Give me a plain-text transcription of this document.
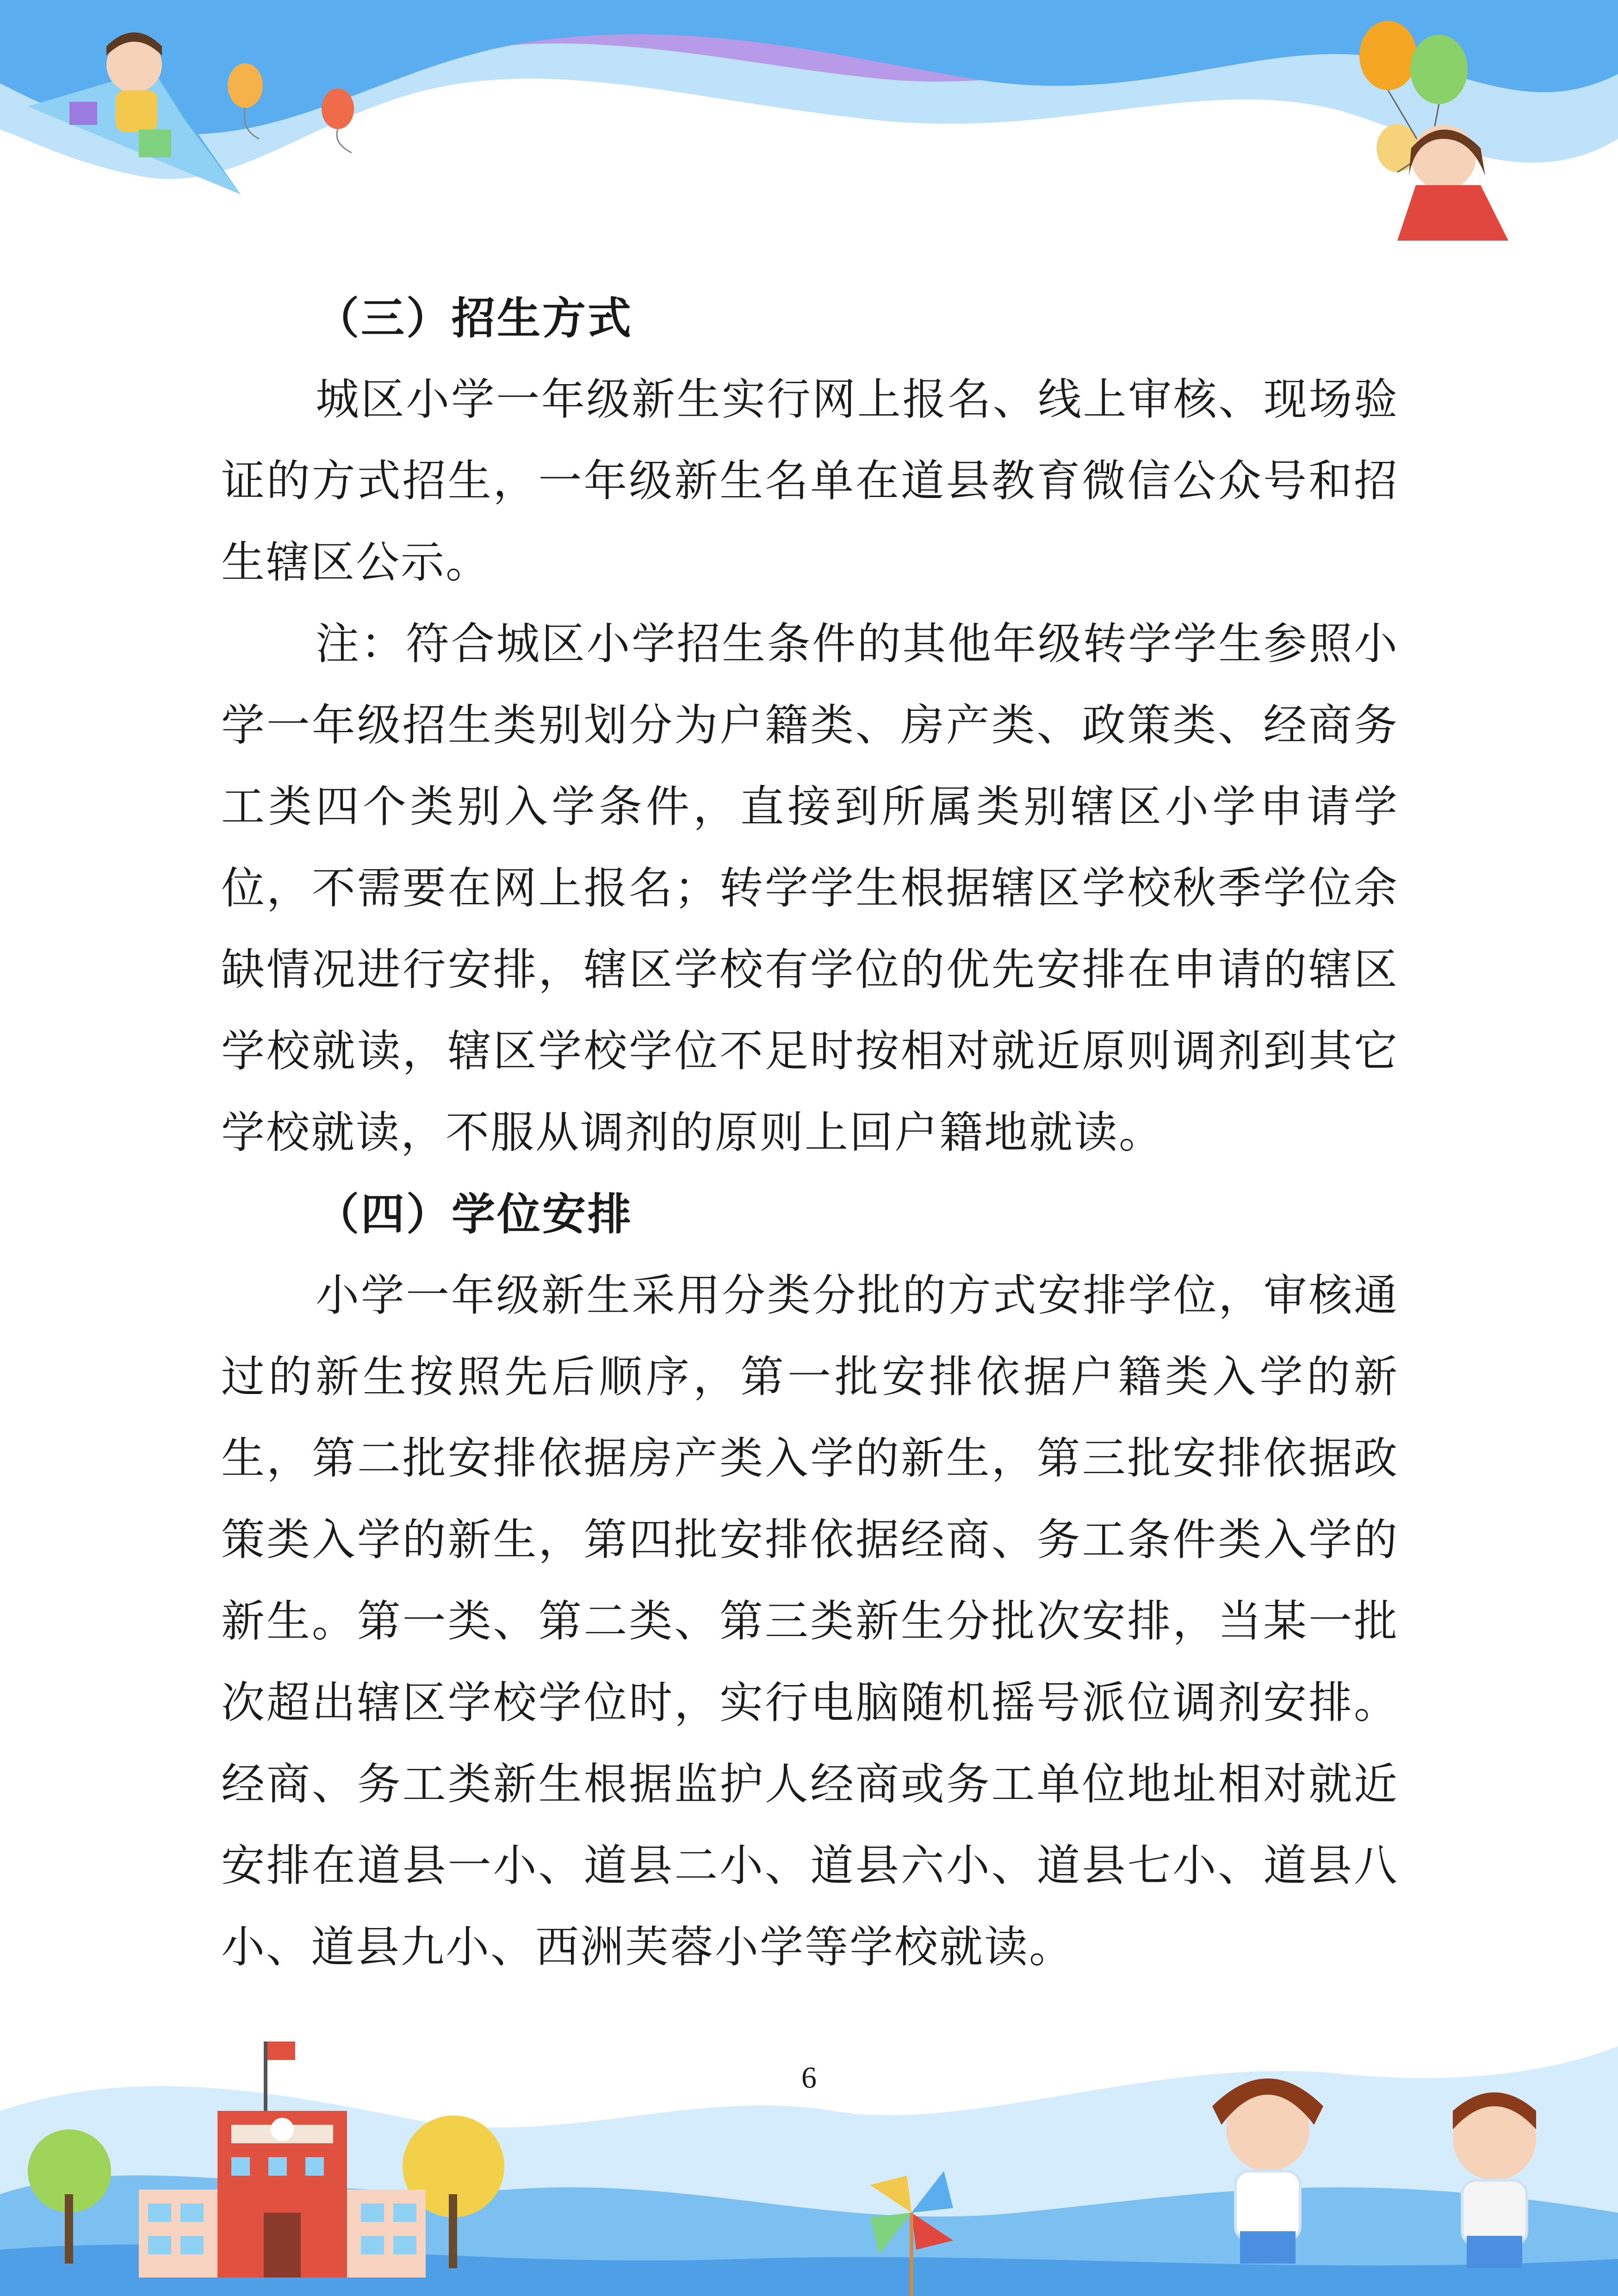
（三）招生方式

城区小学一年级新生实行网上报名、线上审核、现场验证的方式招生，一年级新生名单在道县教育微信公众号和招生辖区公示。

注：符合城区小学招生条件的其他年级转学学生参照小学一年级招生类别划分为户籍类、房产类、政策类、经商务工类四个类别入学条件，直接到所属类别辖区小学申请学位，不需要在网上报名；转学学生根据辖区学校秋季学位余缺情况进行安排，辖区学校有学位的优先安排在申请的辖区学校就读，辖区学校学位不足时按相对就近原则调剂到其它学校就读，不服从调剂的原则上回户籍地就读。

（四）学位安排

小学一年级新生采用分类分批的方式安排学位，审核通过的新生按照先后顺序，第一批安排依据户籍类入学的新生，第二批安排依据房产类入学的新生，第三批安排依据政策类入学的新生，第四批安排依据经商、务工条件类入学的新生。第一类、第二类、第三类新生分批次安排，当某一批次超出辖区学校学位时，实行电脑随机摇号派位调剂安排。经商、务工类新生根据监护人经商或务工单位地址相对就近安排在道县一小、道县二小、道县六小、道县七小、道县八小、道县九小、西洲芙蓉小学等学校就读。

6
